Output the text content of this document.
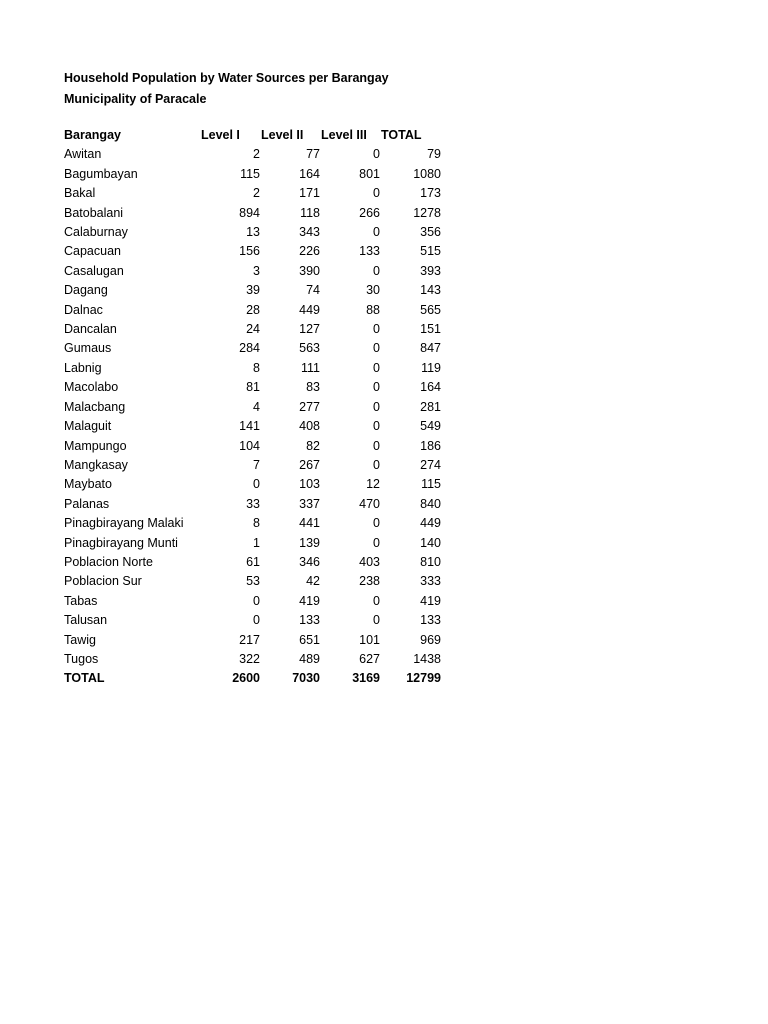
Household Population by Water Sources per Barangay
Municipality of Paracale
Barangay	Level I	Level II	Level III	TOTAL
Awitan	2	77	0	79
Bagumbayan	115	164	801	1080
Bakal	2	171	0	173
Batobalani	894	118	266	1278
Calaburnay	13	343	0	356
Capacuan	156	226	133	515
Casalugan	3	390	0	393
Dagang	39	74	30	143
Dalnac	28	449	88	565
Dancalan	24	127	0	151
Gumaus	284	563	0	847
Labnig	8	111	0	119
Macolabo	81	83	0	164
Malacbang	4	277	0	281
Malaguit	141	408	0	549
Mampungo	104	82	0	186
Mangkasay	7	267	0	274
Maybato	0	103	12	115
Palanas	33	337	470	840
Pinagbirayang Malaki	8	441	0	449
Pinagbirayang Munti	1	139	0	140
Poblacion Norte	61	346	403	810
Poblacion Sur	53	42	238	333
Tabas	0	419	0	419
Talusan	0	133	0	133
Tawig	217	651	101	969
Tugos	322	489	627	1438
TOTAL	2600	7030	3169	12799
